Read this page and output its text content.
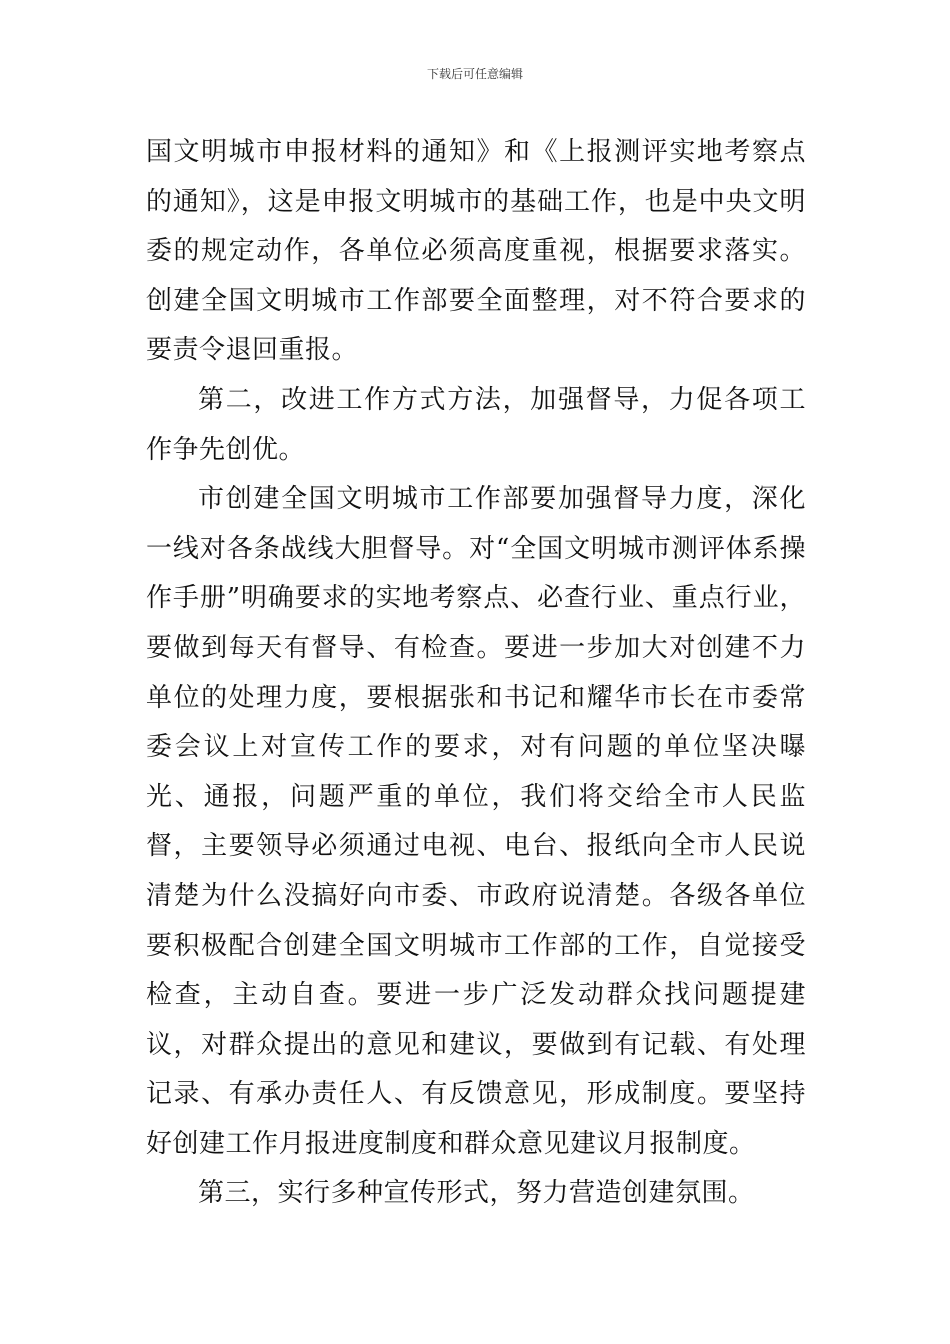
下载后可任意编辑

国文明城市申报材料的通知》和《上报测评实地考察点的通知》，这是申报文明城市的基础工作，也是中央文明委的规定动作，各单位必须高度重视，根据要求落实。创建全国文明城市工作部要全面整理，对不符合要求的要责令退回重报。

第二，改进工作方式方法，加强督导，力促各项工作争先创优。

市创建全国文明城市工作部要加强督导力度，深化一线对各条战线大胆督导。对“全国文明城市测评体系操作手册”明确要求的实地考察点、必查行业、重点行业，要做到每天有督导、有检查。要进一步加大对创建不力单位的处理力度，要根据张和书记和耀华市长在市委常委会议上对宣传工作的要求，对有问题的单位坚决曝光、通报，问题严重的单位，我们将交给全市人民监督，主要领导必须通过电视、电台、报纸向全市人民说清楚为什么没搞好向市委、市政府说清楚。各级各单位要积极配合创建全国文明城市工作部的工作，自觉接受检查，主动自查。要进一步广泛发动群众找问题提建议，对群众提出的意见和建议，要做到有记载、有处理记录、有承办责任人、有反馈意见，形成制度。要坚持好创建工作月报进度制度和群众意见建议月报制度。

第三，实行多种宣传形式，努力营造创建氛围。
